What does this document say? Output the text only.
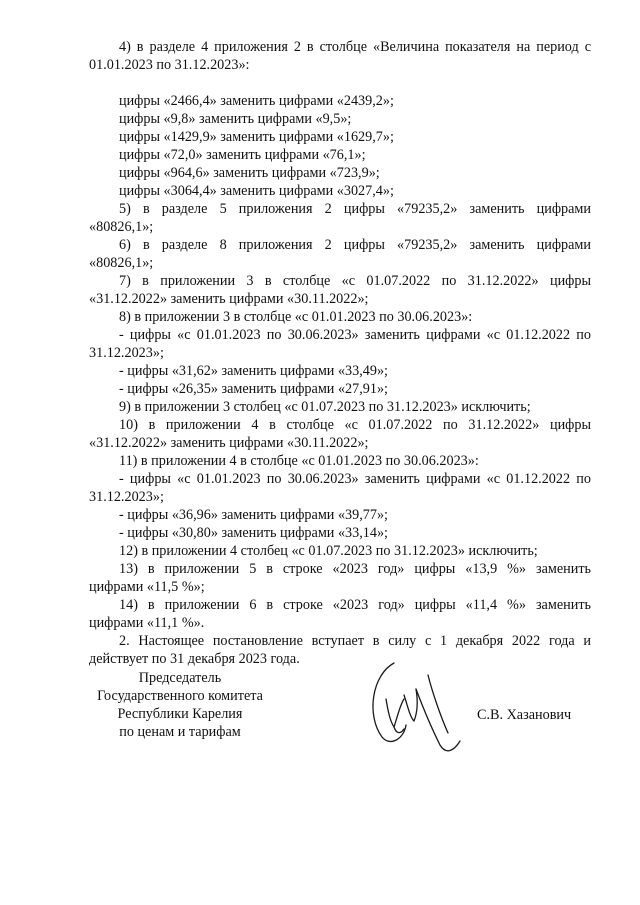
4) в разделе 4 приложения 2 в столбце «Величина показателя на период с
01.01.2023 по 31.12.2023»:
цифры «2466,4» заменить цифрами «2439,2»;
цифры «9,8» заменить цифрами «9,5»;
цифры «1429,9» заменить цифрами «1629,7»;
цифры «72,0» заменить цифрами «76,1»;
цифры «964,6» заменить цифрами «723,9»;
цифры «3064,4» заменить цифрами «3027,4»;
5) в разделе 5 приложения 2 цифры «79235,2» заменить цифрами
«80826,1»;
6) в разделе 8 приложения 2 цифры «79235,2» заменить цифрами
«80826,1»;
7) в приложении 3 в столбце «с 01.07.2022 по 31.12.2022» цифры
«31.12.2022» заменить цифрами «30.11.2022»;
8) в приложении 3 в столбце «с 01.01.2023 по 30.06.2023»:
- цифры «с 01.01.2023 по 30.06.2023» заменить цифрами «с 01.12.2022 по
31.12.2023»;
- цифры «31,62» заменить цифрами «33,49»;
- цифры «26,35» заменить цифрами «27,91»;
9) в приложении 3 столбец «с 01.07.2023 по 31.12.2023» исключить;
10) в приложении 4 в столбце «с 01.07.2022 по 31.12.2022» цифры
«31.12.2022» заменить цифрами «30.11.2022»;
11) в приложении 4 в столбце «с 01.01.2023 по 30.06.2023»:
- цифры «с 01.01.2023 по 30.06.2023» заменить цифрами «с 01.12.2022 по
31.12.2023»;
- цифры «36,96» заменить цифрами «39,77»;
- цифры «30,80» заменить цифрами «33,14»;
12) в приложении 4 столбец «с 01.07.2023 по 31.12.2023» исключить;
13) в приложении 5 в строке «2023 год» цифры «13,9 %» заменить
цифрами «11,5 %»;
14) в приложении 6 в строке «2023 год» цифры «11,4 %» заменить
цифрами «11,1 %».
2. Настоящее постановление вступает в силу с 1 декабря 2022 года и
действует по 31 декабря 2023 года.
Председатель
Государственного комитета
Республики Карелия
по ценам и тарифам
С.В. Хазанович
